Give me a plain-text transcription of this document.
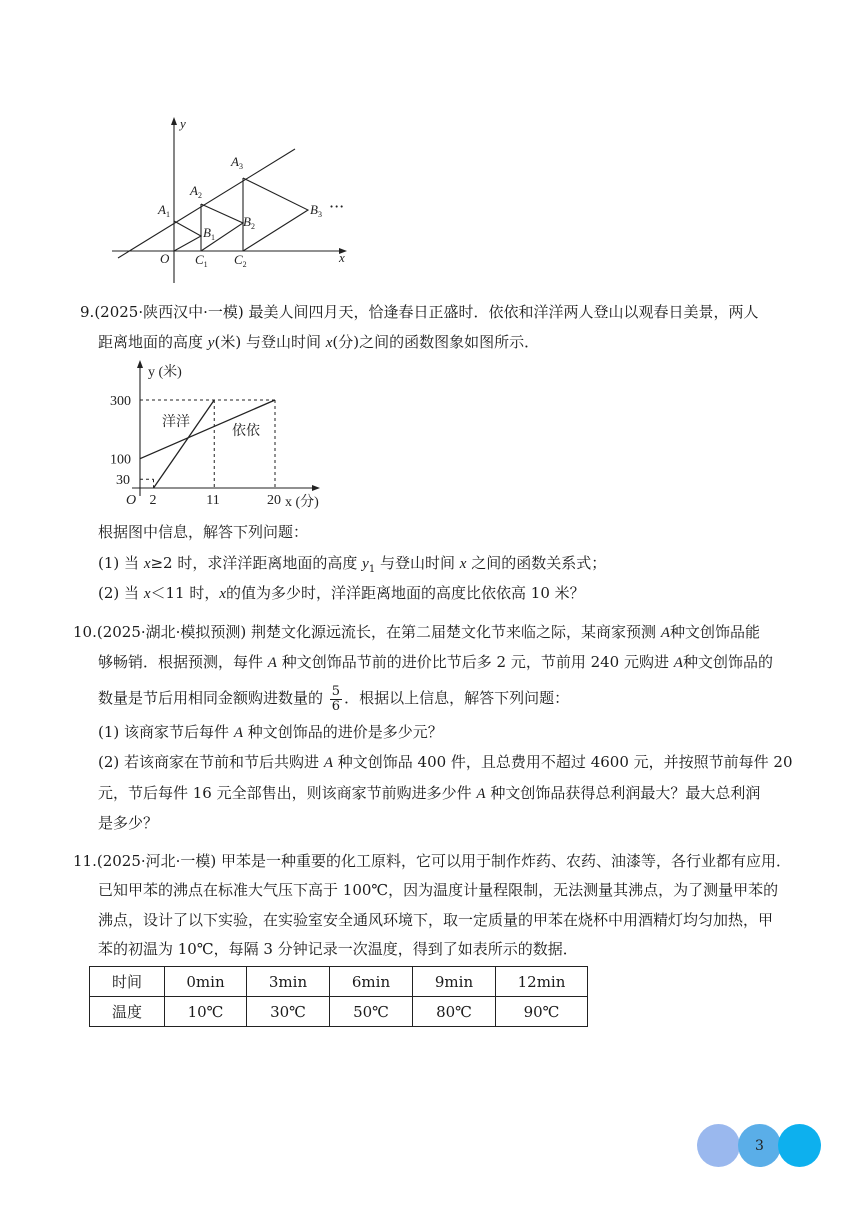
y
x
O
$A_1$
$A_2$
$A_3$
$B_1$
$B_2$
$B_3$
$C_1$ $C_2$
···
9.(2025·陕西汉中·一模) 最美人间四月天，恰逢春日正盛时．依依和洋洋两人登山以观春日美景，两人
距离地面的高度 y(米) 与登山时间 x(分)之间的函数图象如图所示．
300
100
30
2	11	20
O
y (米)
x (分)
洋洋
依依
根据图中信息，解答下列问题：
(1) 当 x≥2 时，求洋洋距离地面的高度 $y_1$ 与登山时间 x 之间的函数关系式；
(2) 当 x＜11 时，x的值为多少时，洋洋距离地面的高度比依依高 10 米？
10.(2025·湖北·模拟预测) 荆楚文化源远流长，在第二届楚文化节来临之际，某商家预测 A种文创饰品能
够畅销．根据预测，每件 A 种文创饰品节前的进价比节后多 2 元，节前用 240 元购进 A种文创饰品的
数量是节后用相同金额购进数量的 $\frac{5}{6}$ ．根据以上信息，解答下列问题：
(1) 该商家节后每件 A 种文创饰品的进价是多少元？
(2) 若该商家在节前和节后共购进 A 种文创饰品 400 件，且总费用不超过 4600 元，并按照节前每件 20
元，节后每件 16 元全部售出，则该商家节前购进多少件 A 种文创饰品获得总利润最大？最大总利润
是多少？
11.(2025·河北·一模) 甲苯是一种重要的化工原料，它可以用于制作炸药、农药、油漆等，各行业都有应用．
已知甲苯的沸点在标准大气压下高于 100℃，因为温度计量程限制，无法测量其沸点，为了测量甲苯的
沸点，设计了以下实验，在实验室安全通风环境下，取一定质量的甲苯在烧杯中用酒精灯均匀加热，甲
苯的初温为 10℃，每隔 3 分钟记录一次温度，得到了如表所示的数据．
时间	0min	3min	6min	9min	12min
温度	10℃	30℃	50℃	80℃	90℃
3
